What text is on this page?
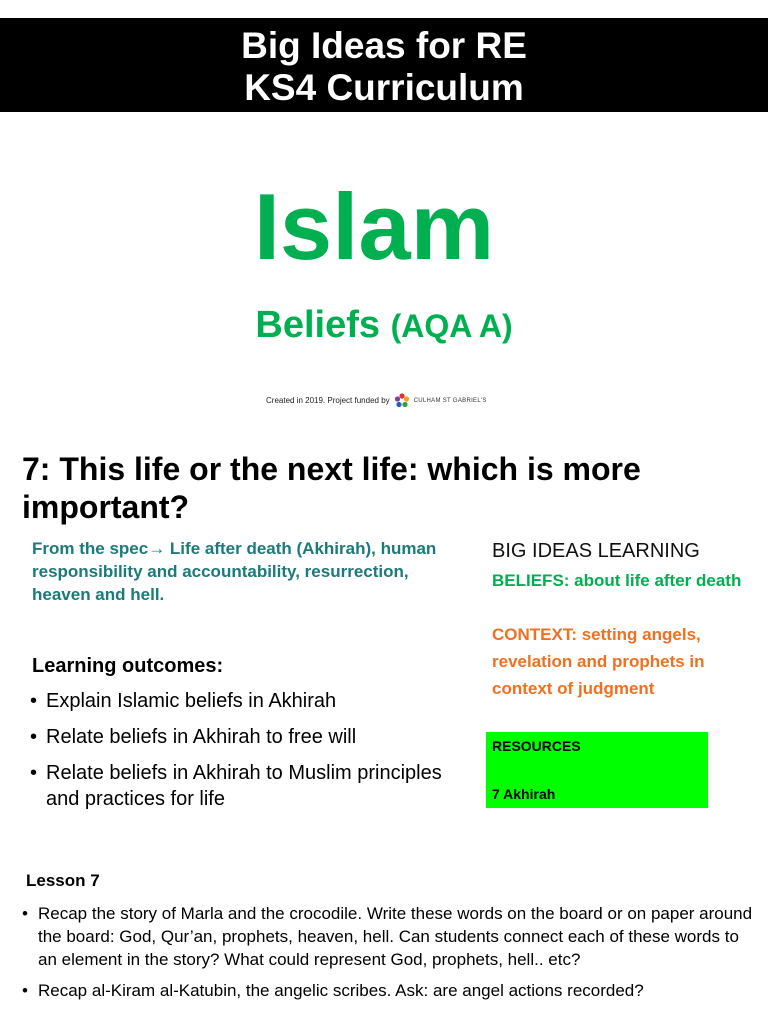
Big Ideas for RE
KS4 Curriculum
Islam
Beliefs (AQA A)
Created in 2019. Project funded by	CULHAM ST GABRIEL'S
7: This life or the next life: which is more important?
From the spec→ Life after death (Akhirah), human responsibility and accountability, resurrection, heaven and hell.
Learning outcomes:
• Explain Islamic beliefs in Akhirah
• Relate beliefs in Akhirah to free will
• Relate beliefs in Akhirah to Muslim principles and practices for life
BIG IDEAS LEARNING
BELIEFS: about life after death
CONTEXT: setting angels, revelation and prophets in context of judgment
RESOURCES
7 Akhirah
Lesson 7
• Recap the story of Marla and the crocodile. Write these words on the board or on paper around the board: God, Qur’an, prophets, heaven, hell. Can students connect each of these words to an element in the story? What could represent God, prophets, hell.. etc?
• Recap al-Kiram al-Katubin, the angelic scribes. Ask: are angel actions recorded?
